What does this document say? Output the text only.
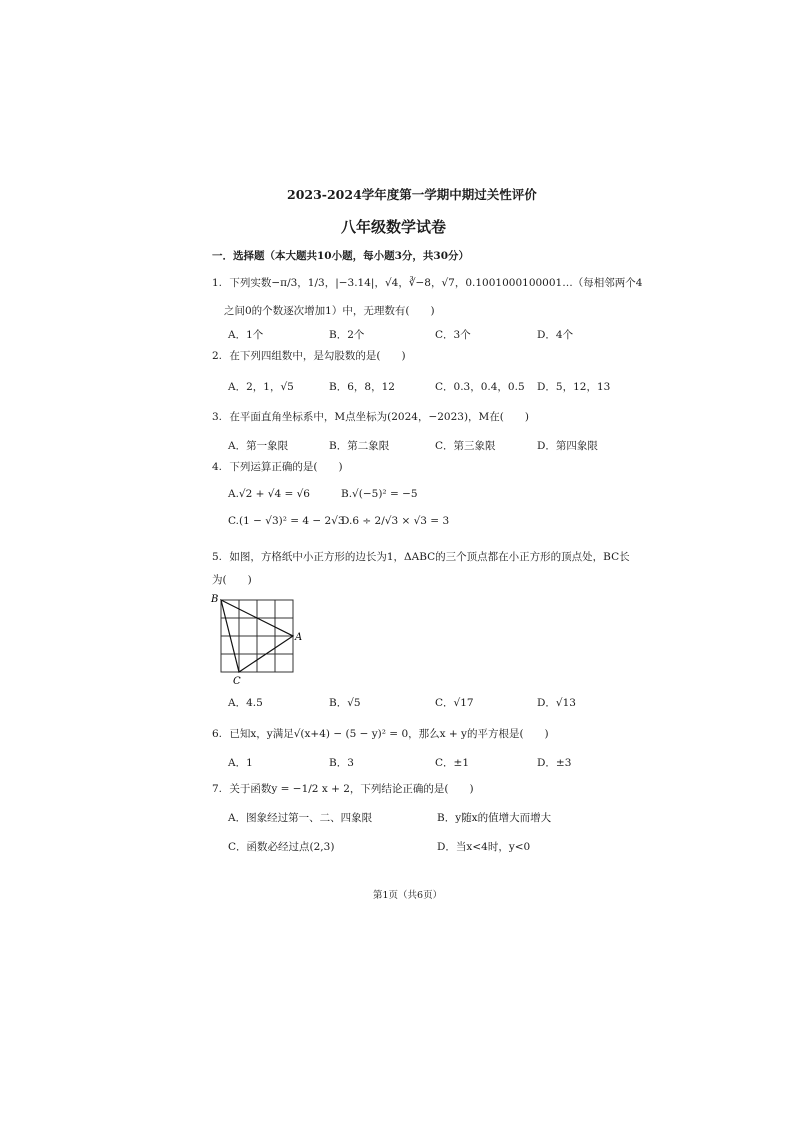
2023-2024学年度第一学期中期过关性评价
八年级数学试卷
一．选择题（本大题共10小题，每小题3分，共30分）
1. 下列实数−π/3，1/3，|−3.14|，√4，∛−8，√7，0.1001000100001…（每相邻两个4
之间0的个数逐次增加1）中，无理数有(　　)
A．1个	B．2个	C．3个	D．4个
2. 在下列四组数中，是勾股数的是(　　)
A．2，1，√5	B．6，8，12	C．0.3，0.4，0.5 D．5，12，13
3. 在平面直角坐标系中，M点坐标为(2024，−2023)，M在(　　)
A．第一象限	B．第二象限	C．第三象限	D．第四象限
4. 下列运算正确的是(　　)
A.√2 + √4 = √6	B.√(−5)² = −5
C.(1 − √3)² = 4 − 2√3
D.6 ÷ 2/√3 × √3 = 3
5. 如图，方格纸中小正方形的边长为1，ΔABC的三个顶点都在小正方形的顶点处，BC长
为(　　)
B
A
C
A．4.5	B．√5	C．√17	D．√13
6. 已知x，y满足√(x+4) − (5 − y)² = 0，那么x + y的平方根是(　　)
A．1	B．3	C．±1	D．±3
7. 关于函数y = −1/2 x + 2，下列结论正确的是(　　)
A．图象经过第一、二、四象限	B．y随x的值增大而增大
C．函数必经过点(2,3)	D．当x<4时，y<0
第1页（共6页）
